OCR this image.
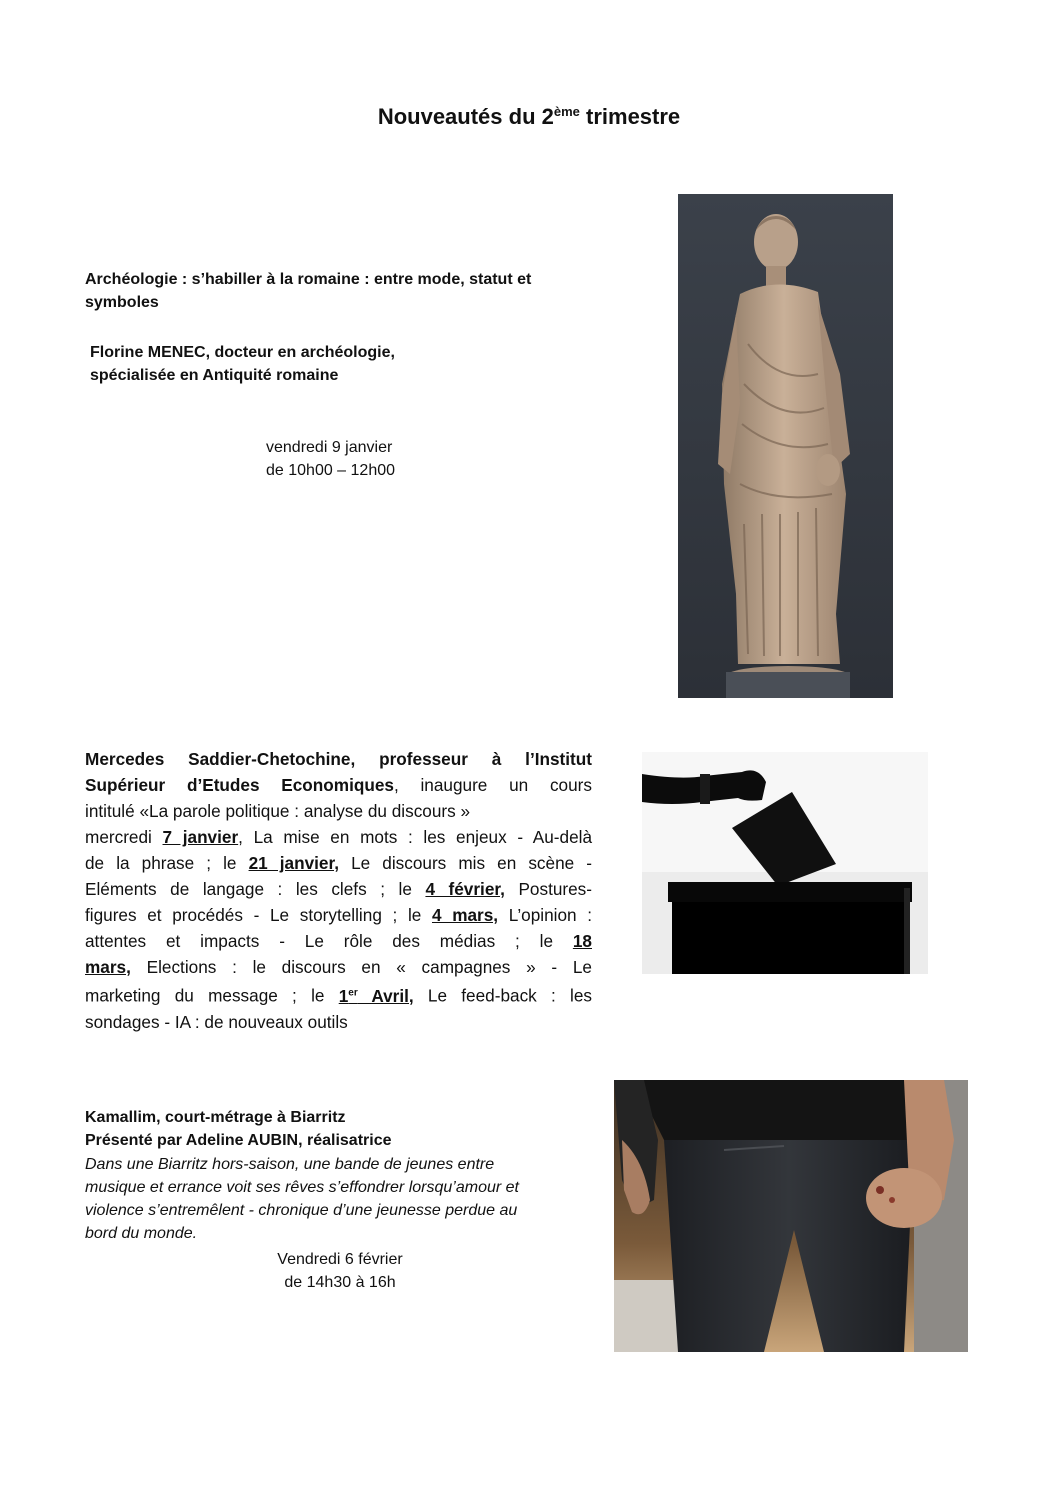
Nouveautés du 2ème trimestre
Archéologie : s’habiller à la romaine : entre mode, statut et
symboles
Florine MENEC, docteur en archéologie,
spécialisée en Antiquité romaine
vendredi 9 janvier
de 10h00 – 12h00
Mercedes Saddier-Chetochine, professeur à l’Institut
Supérieur d’Etudes Economiques, inaugure un cours
intitulé «La parole politique : analyse du discours »
mercredi 7 janvier, La mise en mots : les enjeux - Au-delà
de la phrase ; le 21 janvier, Le discours mis en scène -
Eléments de langage : les clefs ; le 4 février, Postures-
figures et procédés - Le storytelling ; le 4 mars, L’opinion :
attentes et impacts - Le rôle des médias ; le 18
mars, Elections : le discours en « campagnes » - Le
marketing du message ; le 1er Avril, Le feed-back : les
sondages - IA : de nouveaux outils
Kamallim, court-métrage à Biarritz
Présenté par Adeline AUBIN, réalisatrice
Dans une Biarritz hors-saison, une bande de jeunes entre
musique et errance voit ses rêves s’effondrer lorsqu’amour et
violence s’entremêlent - chronique d’une jeunesse perdue au
bord du monde.
Vendredi 6 février
de 14h30 à 16h
